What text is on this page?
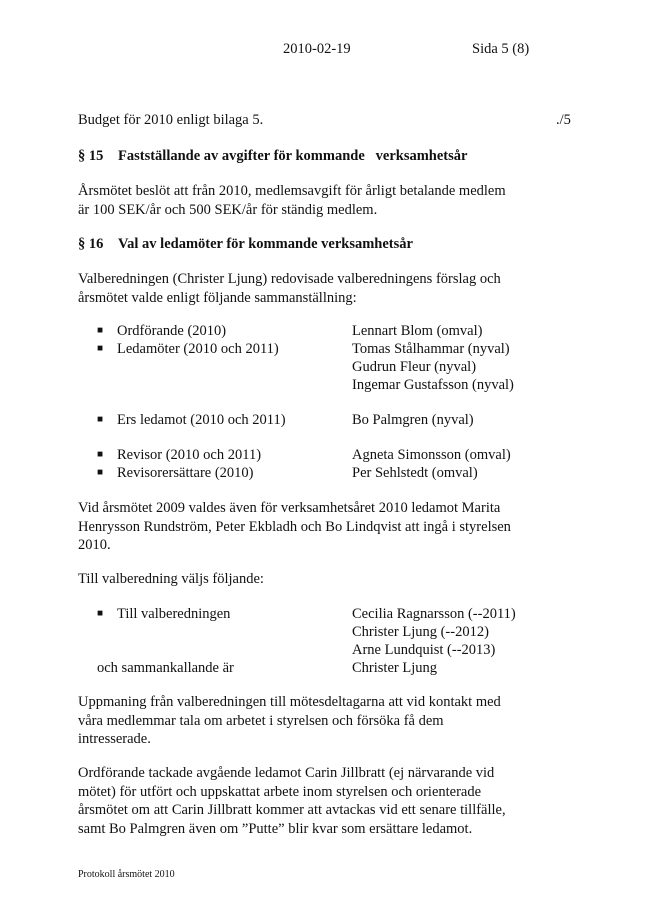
2010-02-19	Sida 5 (8)
Budget för 2010 enligt bilaga 5.	./5
§ 15 Fastställande av avgifter för kommande   verksamhetsår
Årsmötet beslöt att från 2010, medlemsavgift för årligt betalande medlem
är 100 SEK/år och 500 SEK/år för ständig medlem.
§ 16 Val av ledamöter för kommande verksamhetsår
Valberedningen (Christer Ljung) redovisade valberedningens förslag och
årsmötet valde enligt följande sammanställning:
■ Ordförande (2010)	Lennart Blom (omval)
■ Ledamöter (2010 och 2011)	Tomas Stålhammar (nyval)
Gudrun Fleur (nyval)
Ingemar Gustafsson (nyval)
■ Ers ledamot (2010 och 2011)	Bo Palmgren (nyval)
■ Revisor (2010 och 2011)	Agneta Simonsson (omval)
■ Revisorersättare (2010)	Per Sehlstedt (omval)
Vid årsmötet 2009 valdes även för verksamhetsåret 2010 ledamot Marita
Henrysson Rundström, Peter Ekbladh och Bo Lindqvist att ingå i styrelsen
2010.
Till valberedning väljs följande:
■ Till valberedningen	Cecilia Ragnarsson (--2011)
Christer Ljung (--2012)
Arne Lundquist (--2013)
och sammankallande är	Christer Ljung
Uppmaning från valberedningen till mötesdeltagarna att vid kontakt med
våra medlemmar tala om arbetet i styrelsen och försöka få dem
intresserade.
Ordförande tackade avgående ledamot Carin Jillbratt (ej närvarande vid
mötet) för utfört och uppskattat arbete inom styrelsen och orienterade
årsmötet om att Carin Jillbratt kommer att avtackas vid ett senare tillfälle,
samt Bo Palmgren även om ”Putte” blir kvar som ersättare ledamot.
Protokoll årsmötet 2010
